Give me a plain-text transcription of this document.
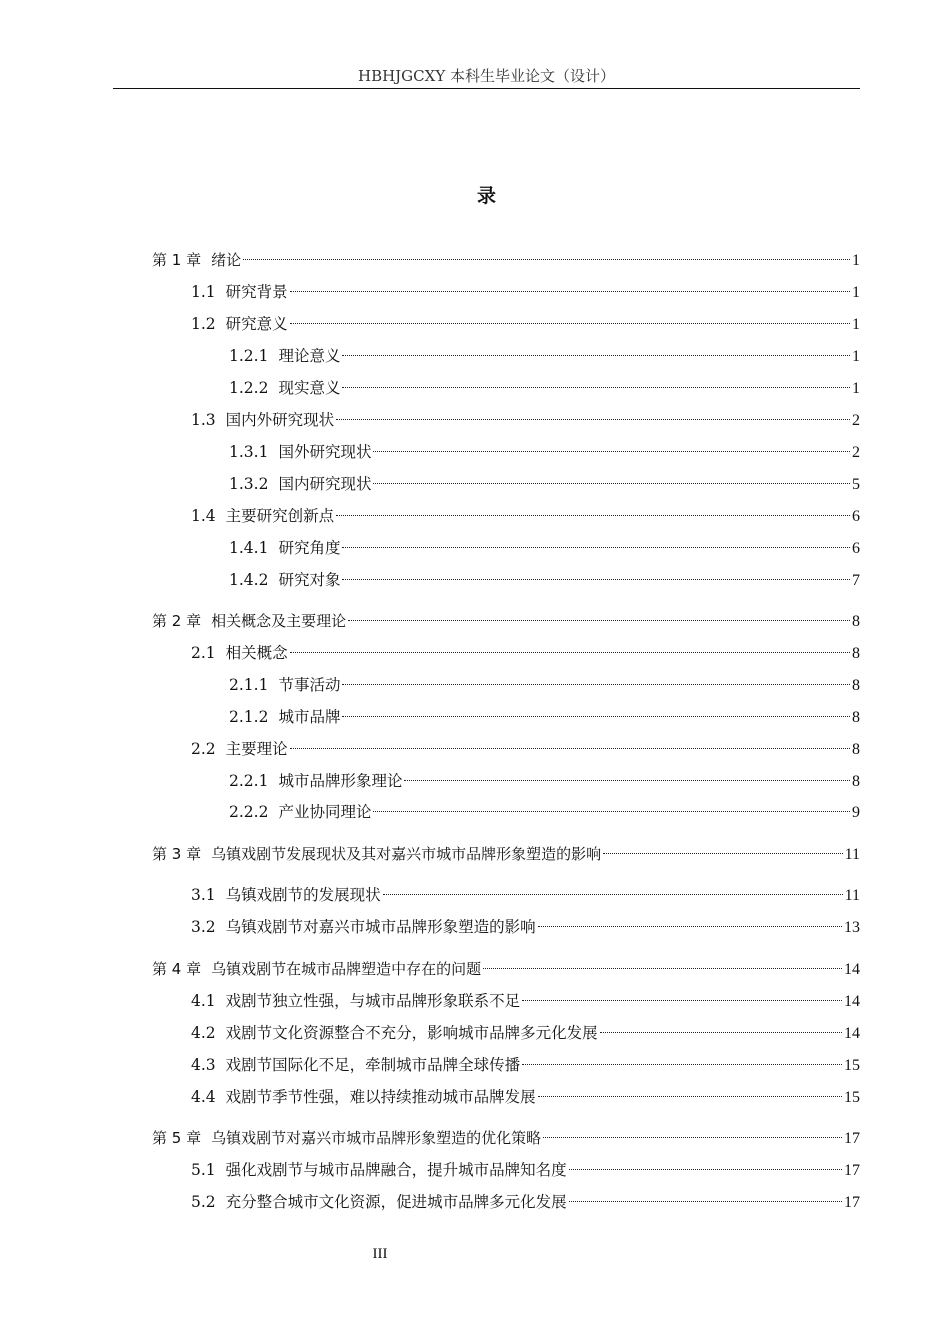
HBHJGCXY 本科生毕业论文（设计）
录
第 1 章 绪论	1
1.1 研究背景	1
1.2 研究意义	1
1.2.1 理论意义	1
1.2.2 现实意义	1
1.3 国内外研究现状	2
1.3.1 国外研究现状	2
1.3.2 国内研究现状	5
1.4 主要研究创新点	6
1.4.1 研究角度	6
1.4.2 研究对象	7
第 2 章 相关概念及主要理论	8
2.1 相关概念	8
2.1.1 节事活动	8
2.1.2 城市品牌	8
2.2 主要理论	8
2.2.1 城市品牌形象理论	8
2.2.2 产业协同理论	9
第 3 章 乌镇戏剧节发展现状及其对嘉兴市城市品牌形象塑造的影响	11
3.1 乌镇戏剧节的发展现状	11
3.2 乌镇戏剧节对嘉兴市城市品牌形象塑造的影响	13
第 4 章 乌镇戏剧节在城市品牌塑造中存在的问题	14
4.1 戏剧节独立性强，与城市品牌形象联系不足	14
4.2 戏剧节文化资源整合不充分，影响城市品牌多元化发展	14
4.3 戏剧节国际化不足，牵制城市品牌全球传播	15
4.4 戏剧节季节性强，难以持续推动城市品牌发展	15
第 5 章 乌镇戏剧节对嘉兴市城市品牌形象塑造的优化策略	17
5.1 强化戏剧节与城市品牌融合，提升城市品牌知名度	17
5.2 充分整合城市文化资源，促进城市品牌多元化发展	17
III
